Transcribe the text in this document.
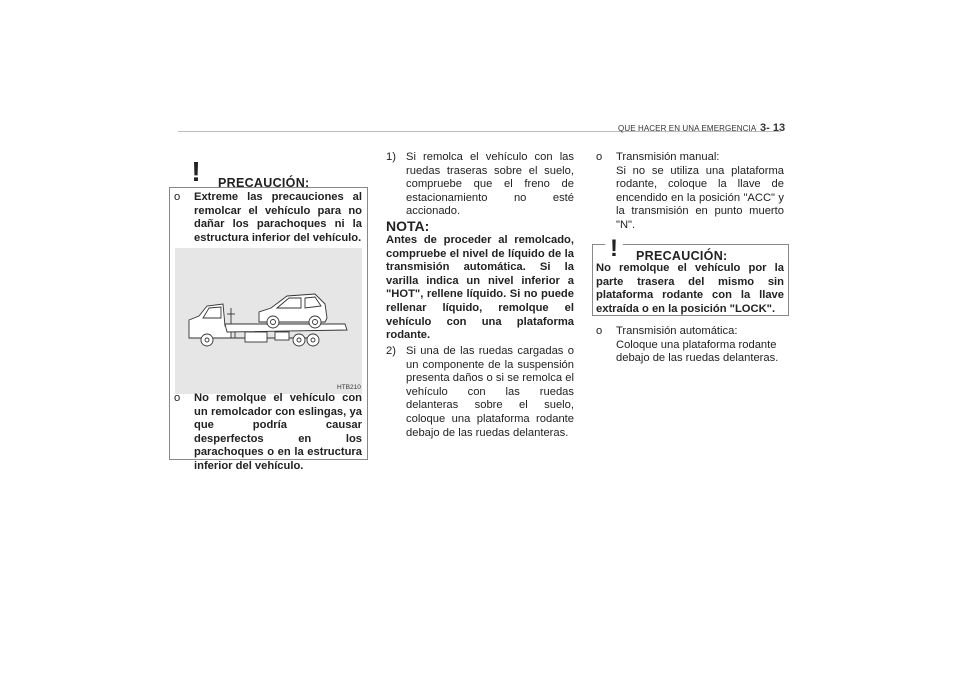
QUE HACER EN UNA EMERGENCIA 3- 13
! PRECAUCIÓN:
o Extreme las precauciones al remolcar el vehículo para no dañar los parachoques ni la estructura inferior del vehículo.
HTB210
o No remolque el vehículo con un remolcador con eslingas, ya que podría causar desperfectos en los parachoques o en la estructura inferior del vehículo.
1) Si remolca el vehículo con las ruedas traseras sobre el suelo, compruebe que el freno de estacionamiento no esté accionado.
NOTA:
Antes de proceder al remolcado, compruebe el nivel de líquido de la transmisión automática. Si la varilla indica un nivel inferior a "HOT", rellene líquido. Si no puede rellenar líquido, remolque el vehículo con una plataforma rodante.
2) Si una de las ruedas cargadas o un componente de la suspensión presenta daños o si se remolca el vehículo con las ruedas delanteras sobre el suelo, coloque una plataforma rodante debajo de las ruedas delanteras.
o Transmisión manual:
Si no se utiliza una plataforma rodante, coloque la llave de encendido en la posición "ACC" y la transmisión en punto muerto "N".
! PRECAUCIÓN:
No remolque el vehículo por la parte trasera del mismo sin plataforma rodante con la llave extraída o en la posición "LOCK".
o Transmisión automática:
Coloque una plataforma rodante debajo de las ruedas delanteras.
